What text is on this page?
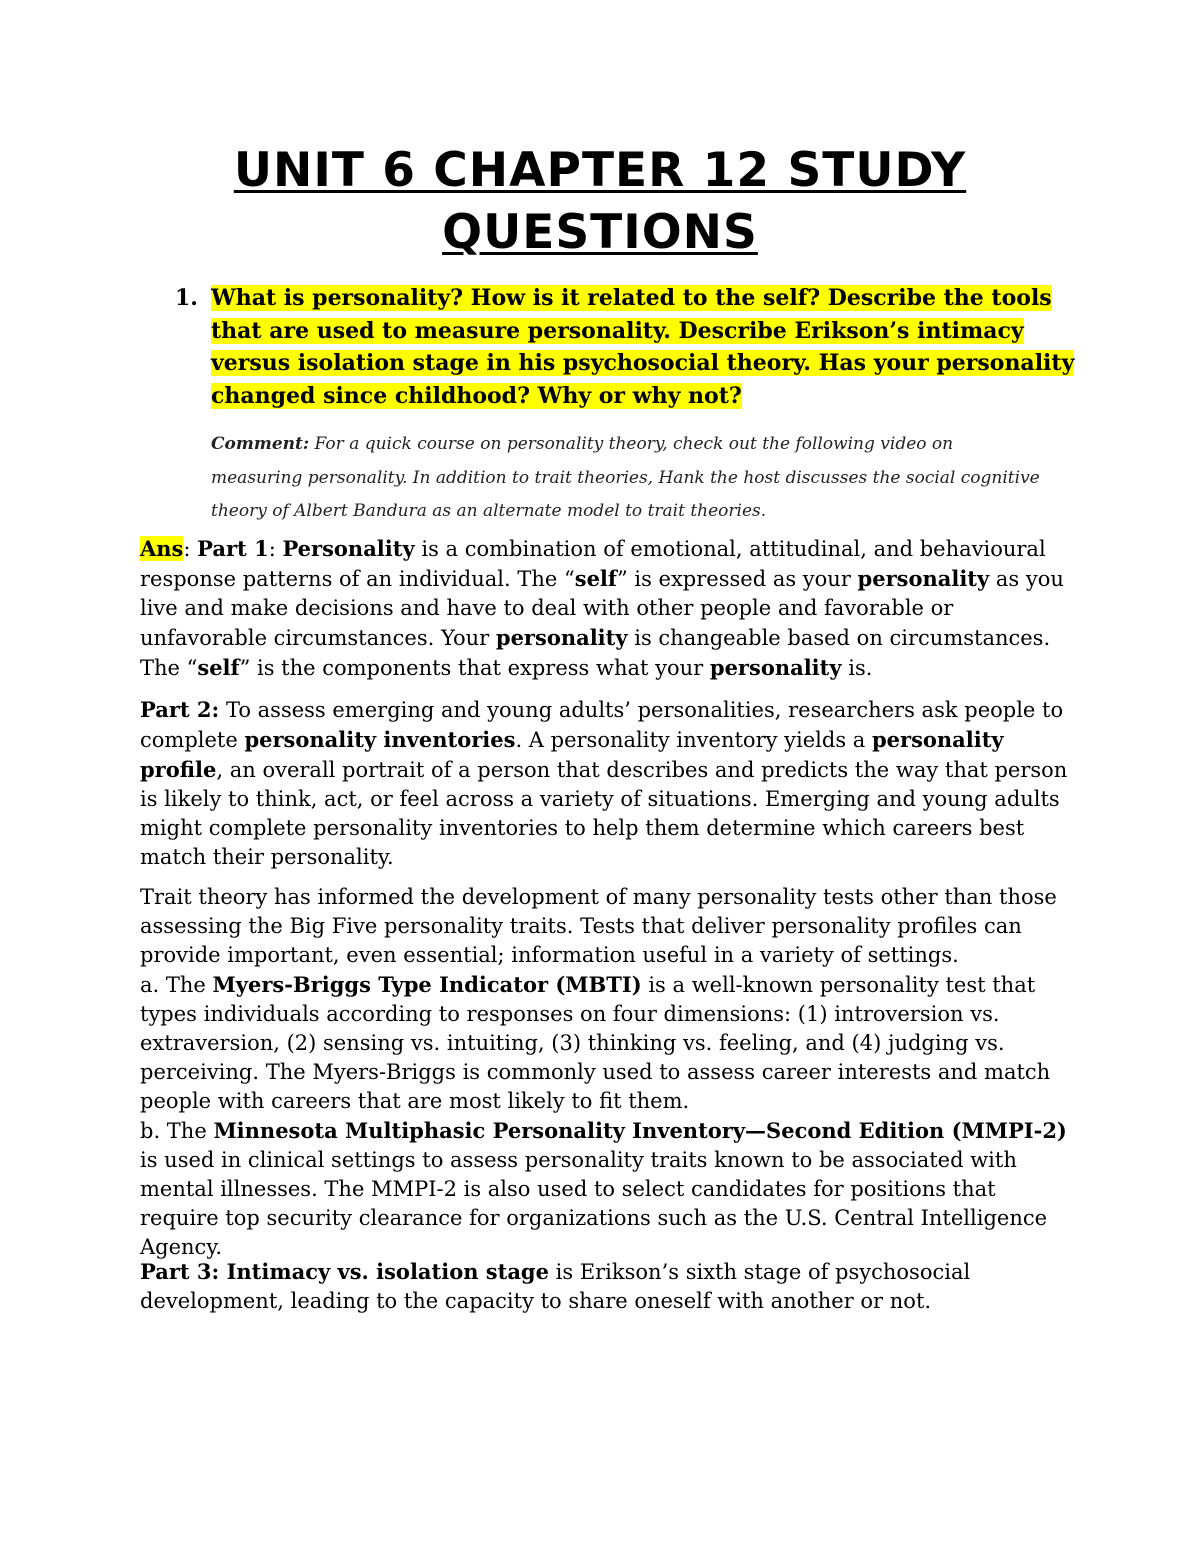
UNIT 6 CHAPTER 12 STUDY
QUESTIONS
1. What is personality? How is it related to the self? Describe the tools
that are used to measure personality. Describe Erikson’s intimacy
versus isolation stage in his psychosocial theory. Has your personality
changed since childhood? Why or why not?
Comment: For a quick course on personality theory, check out the following video on
measuring personality. In addition to trait theories, Hank the host discusses the social cognitive
theory of Albert Bandura as an alternate model to trait theories.
Ans: Part 1: Personality is a combination of emotional, attitudinal, and behavioural response patterns of an individual. The “self” is expressed as your personality as you live and make decisions and have to deal with other people and favorable or unfavorable circumstances. Your personality is changeable based on circumstances. The “self” is the components that express what your personality is.
Part 2: To assess emerging and young adults’ personalities, researchers ask people to complete personality inventories. A personality inventory yields a personality profile, an overall portrait of a person that describes and predicts the way that person is likely to think, act, or feel across a variety of situations. Emerging and young adults might complete personality inventories to help them determine which careers best match their personality.
Trait theory has informed the development of many personality tests other than those assessing the Big Five personality traits. Tests that deliver personality profiles can provide important, even essential; information useful in a variety of settings.
a. The Myers-Briggs Type Indicator (MBTI) is a well-known personality test that types individuals according to responses on four dimensions: (1) introversion vs. extraversion, (2) sensing vs. intuiting, (3) thinking vs. feeling, and (4) judging vs. perceiving. The Myers-Briggs is commonly used to assess career interests and match people with careers that are most likely to fit them.
b. The Minnesota Multiphasic Personality Inventory—Second Edition (MMPI-2) is used in clinical settings to assess personality traits known to be associated with mental illnesses. The MMPI-2 is also used to select candidates for positions that require top security clearance for organizations such as the U.S. Central Intelligence Agency.
Part 3: Intimacy vs. isolation stage is Erikson’s sixth stage of psychosocial development, leading to the capacity to share oneself with another or not.
